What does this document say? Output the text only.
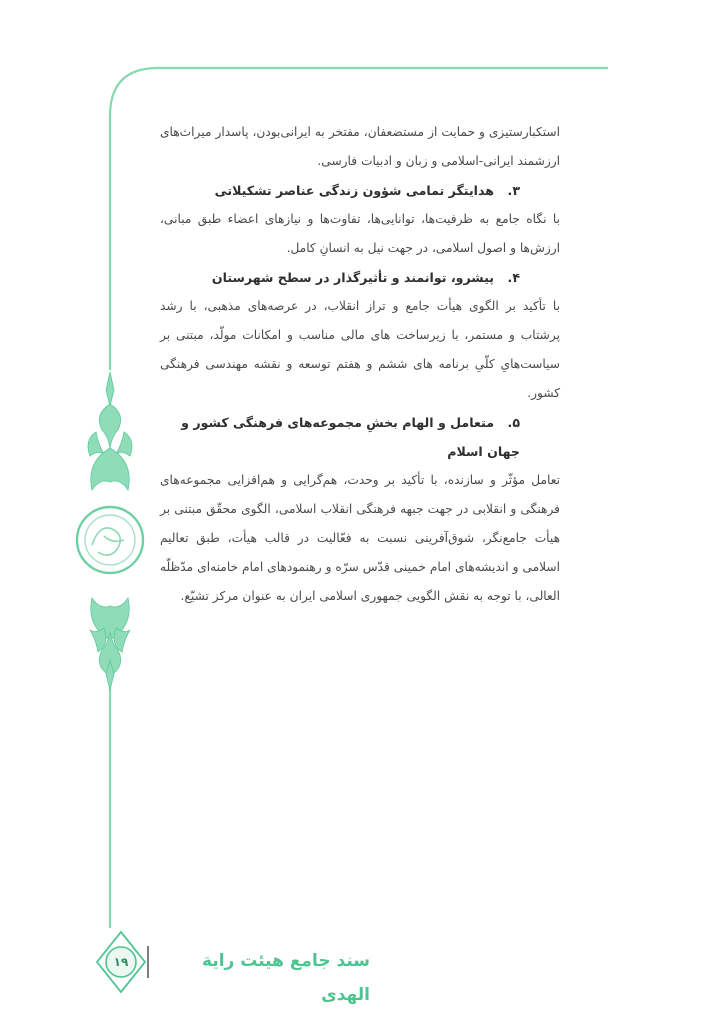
استکبارستیزی و حمایت از مستضعفان، مفتخر به ایرانی‌بودن، پاسدار میراث‌های ارزشمند ایرانی-اسلامی و زبان و ادبیات فارسی.

۳.هدایتگر تمامی شؤون زندگی عناصر تشکیلاتی

با نگاه جامع به ظرفیت‌ها، توانایی‌ها، تفاوت‌ها و نیازهای اعضاء طبق مبانی، ارزش‌ها و اصول اسلامی، در جهت نیل به انسانِ کامل.

۴.پیشرو، توانمند و تأثیرگذار در سطح شهرستان

با تأکید بر الگوی هیأت جامع و تراز انقلاب، در عرصه‌های مذهبی، با رشد پرشتاب و مستمر، با زیرساخت های مالی مناسب و امکانات مولّد، مبتنی بر سیاست‌هایِ کلّیِ برنامه های ششم و هفتم توسعه و نقشه مهندسی فرهنگی کشور.

۵.متعامل و الهام بخشِ مجموعه‌های فرهنگی کشور و جهان اسلام

تعامل مؤثّر و سازنده، با تأکید بر وحدت، هم‌گرایی و هم‌افزایی مجموعه‌های فرهنگی و انقلابی در جهت جبهه فرهنگی انقلاب اسلامی، الگوی محقّق مبتنی بر هیأت جامع‌نگر، شوق‌آفرینی نسبت به فعّالیت در قالب هیأت، طبق تعالیم اسلامی و اندیشه‌های امام خمینی قدّس سرّه و رهنمودهای امام خامنه‌ای مدّظلّه العالی، با توجه به نقش الگویی جمهوری اسلامی ایران به عنوان مرکز تشیّع.

سند جامع هیئت رایة الهدی
۱۹
